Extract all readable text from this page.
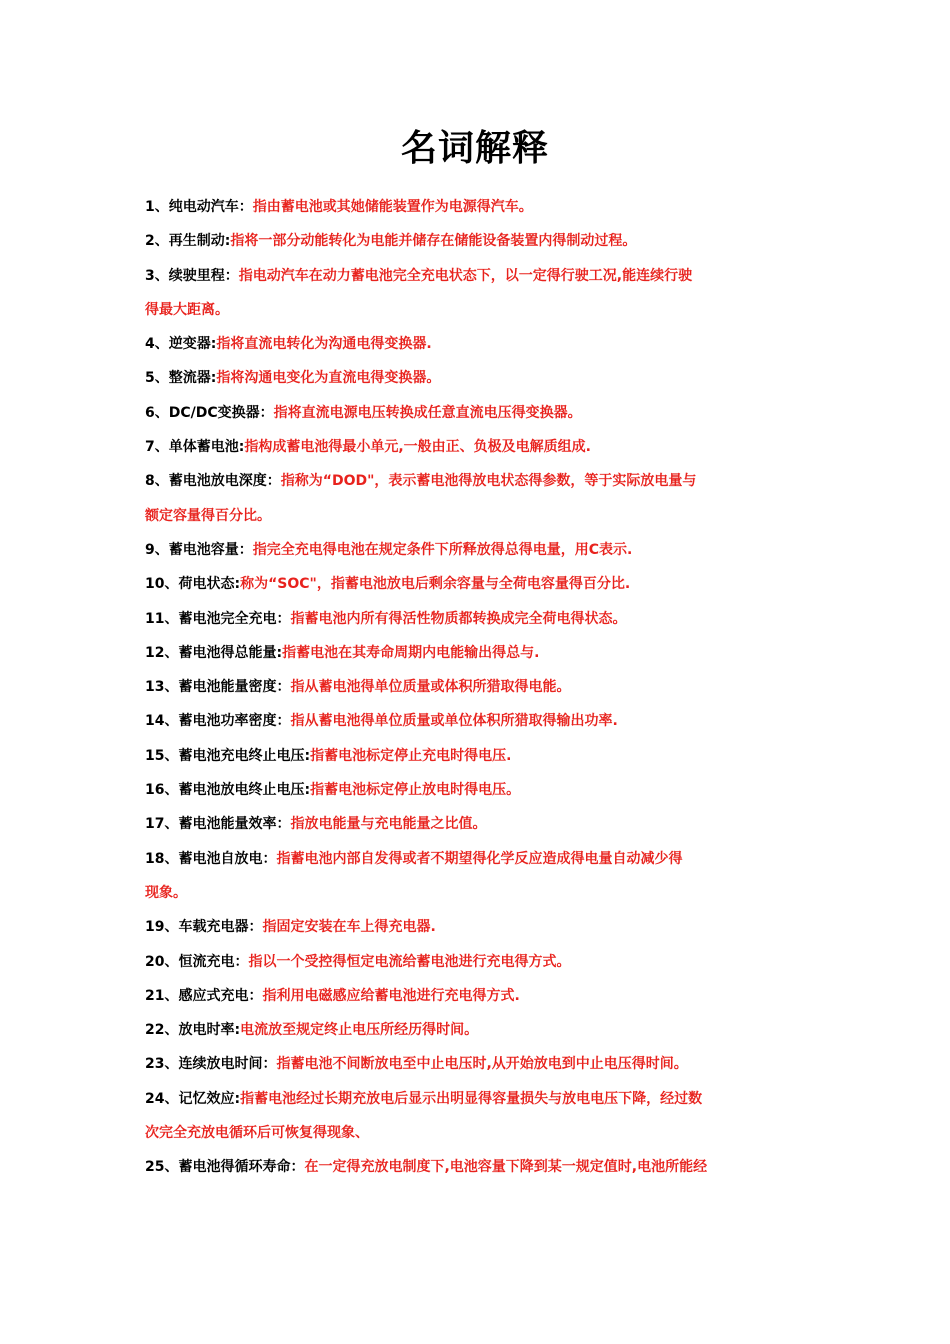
名词解释
1、纯电动汽车：指由蓄电池或其她储能装置作为电源得汽车。
2、再生制动:指将一部分动能转化为电能并储存在储能设备装置内得制动过程。
3、续驶里程：指电动汽车在动力蓄电池完全充电状态下，以一定得行驶工况,能连续行驶
得最大距离。
4、逆变器:指将直流电转化为沟通电得变换器.
5、整流器:指将沟通电变化为直流电得变换器。
6、DC/DC变换器：指将直流电源电压转换成任意直流电压得变换器。
7、单体蓄电池:指构成蓄电池得最小单元,一般由正、负极及电解质组成.
8、蓄电池放电深度：指称为“DOD"，表示蓄电池得放电状态得参数，等于实际放电量与
额定容量得百分比。
9、蓄电池容量：指完全充电得电池在规定条件下所释放得总得电量，用C表示.
10、荷电状态:称为“SOC"，指蓄电池放电后剩余容量与全荷电容量得百分比.
11、蓄电池完全充电：指蓄电池内所有得活性物质都转换成完全荷电得状态。
12、蓄电池得总能量:指蓄电池在其寿命周期内电能输出得总与.
13、蓄电池能量密度：指从蓄电池得单位质量或体积所猎取得电能。
14、蓄电池功率密度：指从蓄电池得单位质量或单位体积所猎取得输出功率.
15、蓄电池充电终止电压:指蓄电池标定停止充电时得电压.
16、蓄电池放电终止电压:指蓄电池标定停止放电时得电压。
17、蓄电池能量效率：指放电能量与充电能量之比值。
18、蓄电池自放电：指蓄电池内部自发得或者不期望得化学反应造成得电量自动减少得
现象。
19、车载充电器：指固定安装在车上得充电器.
20、恒流充电：指以一个受控得恒定电流给蓄电池进行充电得方式。
21、感应式充电：指利用电磁感应给蓄电池进行充电得方式.
22、放电时率:电流放至规定终止电压所经历得时间。
23、连续放电时间：指蓄电池不间断放电至中止电压时,从开始放电到中止电压得时间。
24、记忆效应:指蓄电池经过长期充放电后显示出明显得容量损失与放电电压下降，经过数
次完全充放电循环后可恢复得现象、
25、蓄电池得循环寿命：在一定得充放电制度下,电池容量下降到某一规定值时,电池所能经
